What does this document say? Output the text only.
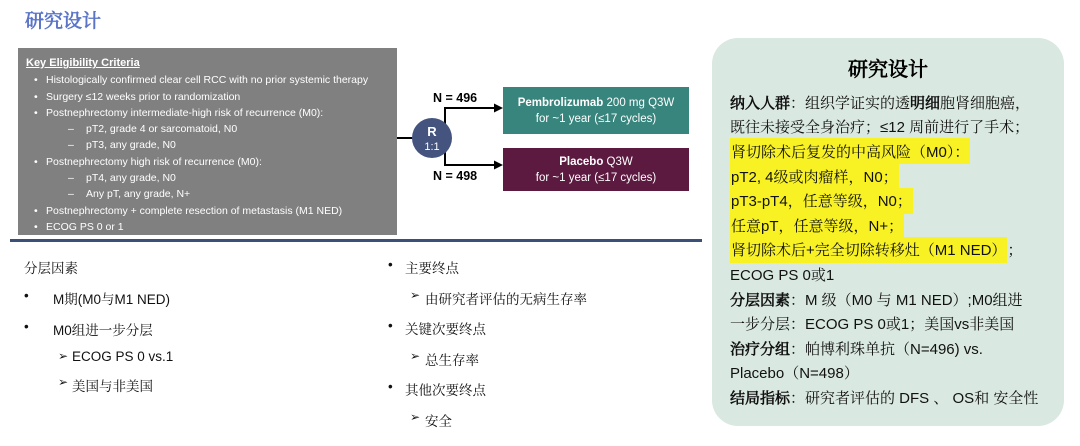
研究设计
Key Eligibility Criteria
• Histologically confirmed clear cell RCC with no prior systemic therapy
• Surgery ≤12 weeks prior to randomization
• Postnephrectomy intermediate-high risk of recurrence (M0):
– pT2, grade 4 or sarcomatoid, N0
– pT3, any grade, N0
• Postnephrectomy high risk of recurrence (M0):
– pT4, any grade, N0
– Any pT, any grade, N+
• Postnephrectomy + complete resection of metastasis (M1 NED)
• ECOG PS 0 or 1
R
1:1
N = 496
N = 498
Pembrolizumab 200 mg Q3W
for ~1 year (≤17 cycles)
Placebo Q3W
for ~1 year (≤17 cycles)
分层因素
• M期(M0与M1 NED)
• M0组进一步分层
➢ ECOG PS 0 vs.1
➢ 美国与非美国
• 主要终点
➢ 由研究者评估的无病生存率
• 关键次要终点
➢ 总生存率
• 其他次要终点
➢ 安全
研究设计
纳入人群 ：组织学证实的透 明细 胞肾细胞癌，
既往未接受全身治疗；≤12 周前进行了手术；
肾切除术后复发的中高风险（M0）：
pT2, 4级或肉瘤样，N0；
pT3-pT4，任意等级，N0；
任意pT，任意等级，N+；
肾切除术后+完全切除转移灶（M1 NED） ；
ECOG PS 0或1
分层因素 ：M 级（M0 与 M1 NED）;M0组进
一步分层：ECOG PS 0或1；美国vs非美国
治疗分组 ：帕博利珠单抗（N=496) vs.
Placebo（N=498）
结局指标 ：研究者评估的 DFS 、 OS和 安全性
